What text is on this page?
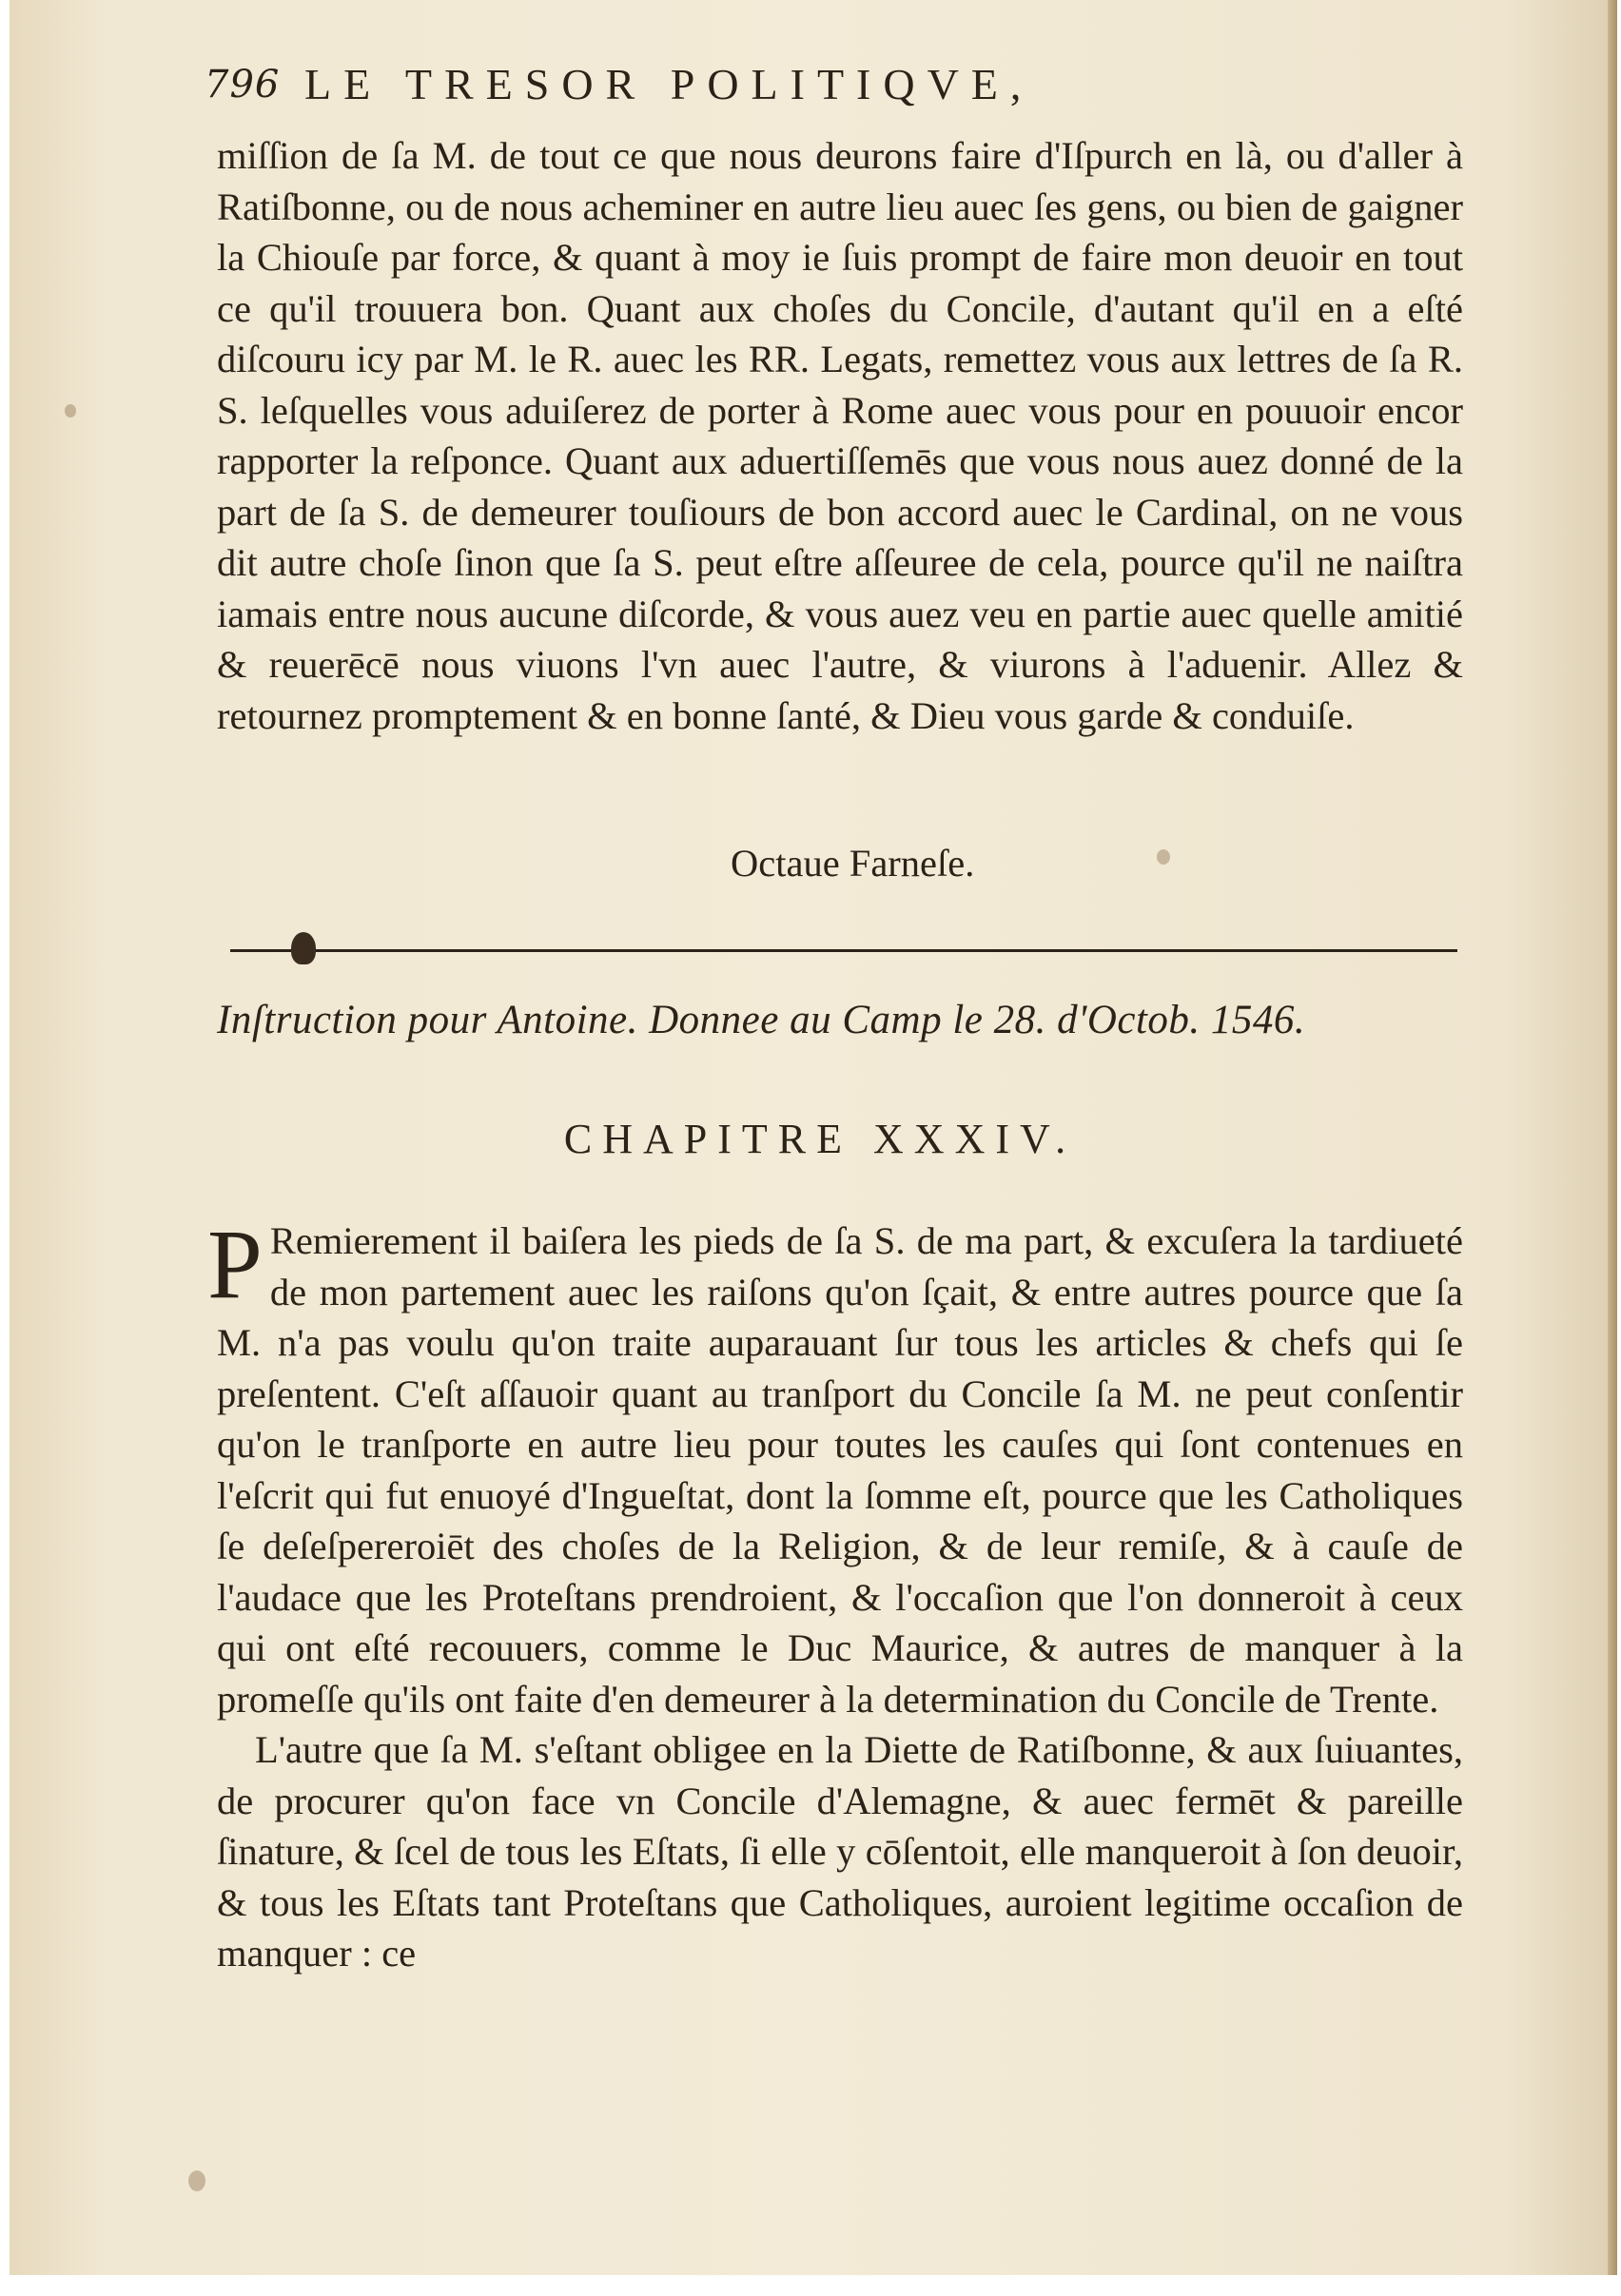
796 LE TRESOR POLITIQVE,

miſſion de ſa M. de tout ce que nous deurons faire d'Iſpurch en là, ou d'aller à Ratiſbonne, ou de nous acheminer en autre lieu auec ſes gens, ou bien de gaigner la Chiouſe par force, & quant à moy ie ſuis prompt de faire mon deuoir en tout ce qu'il trouuera bon. Quant aux choſes du Concile, d'autant qu'il en a eſté diſcouru icy par M. le R. auec les RR. Legats, remettez vous aux lettres de ſa R. S. leſquelles vous aduiſerez de porter à Rome auec vous pour en pouuoir encor rapporter la reſponce. Quant aux aduertiſſemēs que vous nous auez donné de la part de ſa S. de demeurer touſiours de bon accord auec le Cardinal, on ne vous dit autre choſe ſinon que ſa S. peut eſtre aſſeuree de cela, pource qu'il ne naiſtra iamais entre nous aucune diſcorde, & vous auez veu en partie auec quelle amitié & reuerēcē nous viuons l'vn auec l'autre, & viurons à l'aduenir. Allez & retournez promptement & en bonne ſanté, & Dieu vous garde & conduiſe.

Octaue Farneſe.
Inſtruction pour Antoine. Donnee au Camp le 28. d'Octob. 1546.
CHAPITRE XXXIV.

P Remierement il baiſera les pieds de ſa S. de ma part, & excuſera la tardiueté de mon partement auec les raiſons qu'on ſçait, & entre autres pource que ſa M. n'a pas voulu qu'on traite auparauant ſur tous les articles & chefs qui ſe preſentent. C'eſt aſſauoir quant au tranſport du Concile ſa M. ne peut conſentir qu'on le tranſporte en autre lieu pour toutes les cauſes qui ſont contenues en l'eſcrit qui fut enuoyé d'Ingueſtat, dont la ſomme eſt, pource que les Catholiques ſe deſeſpereroiēt des choſes de la Religion, & de leur remiſe, & à cauſe de l'audace que les Proteſtans prendroient, & l'occaſion que l'on donneroit à ceux qui ont eſté recouuers, comme le Duc Maurice, & autres de manquer à la promeſſe qu'ils ont faite d'en demeurer à la determination du Concile de Trente.

L'autre que ſa M. s'eſtant obligee en la Diette de Ratiſbonne, & aux ſuiuantes, de procurer qu'on face vn Concile d'Alemagne, & auec fermēt & pareille ſinature, & ſcel de tous les Eſtats, ſi elle y cōſentoit, elle manqueroit à ſon deuoir, & tous les Eſtats tant Proteſtans que Catholiques, auroient legitime occaſion de manquer : ce
